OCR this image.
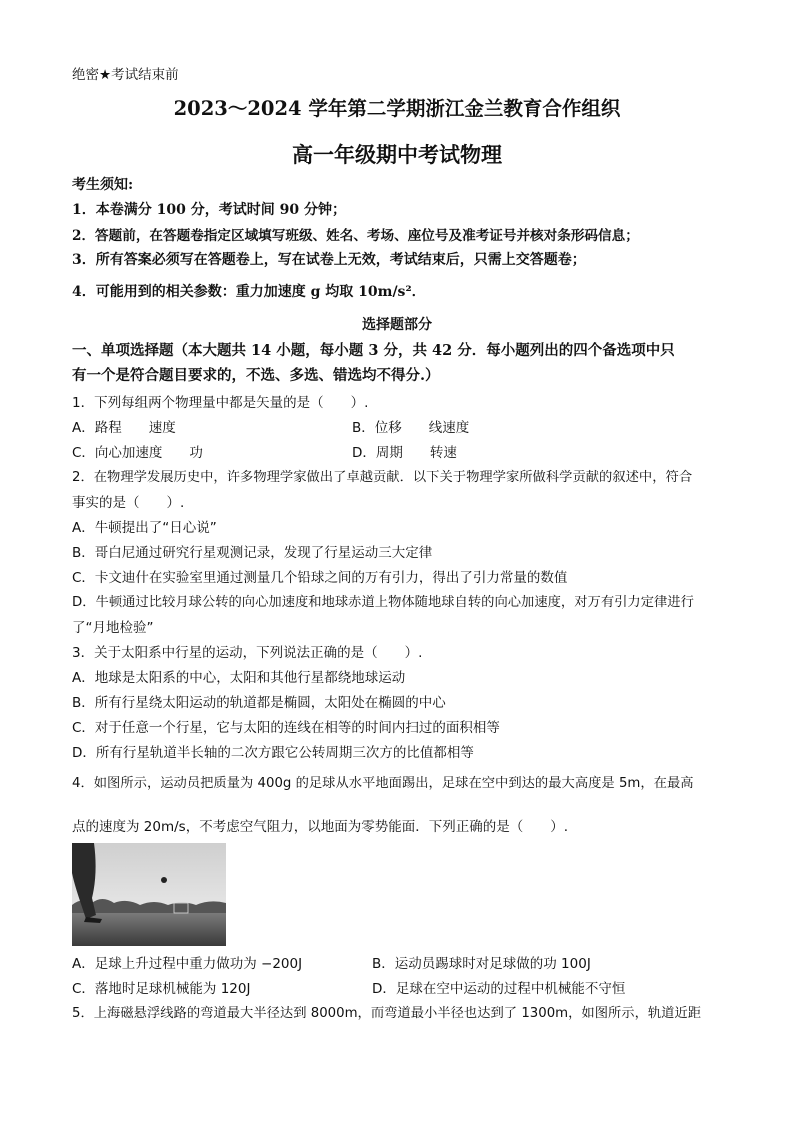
绝密★考试结束前
2023～2024 学年第二学期浙江金兰教育合作组织
高一年级期中考试物理
考生须知:
1．本卷满分 100 分，考试时间 90 分钟；
2．答题前，在答题卷指定区域填写班级、姓名、考场、座位号及准考证号并核对条形码信息；
3．所有答案必须写在答题卷上，写在试卷上无效，考试结束后，只需上交答题卷；
4．可能用到的相关参数：重力加速度 g 均取 10m/s²．
选择题部分
一、单项选择题（本大题共 14 小题，每小题 3 分，共 42 分．每小题列出的四个备选项中只
有一个是符合题目要求的，不选、多选、错选均不得分.）
1．下列每组两个物理量中都是矢量的是（　　）.
A．路程　　速度	B．位移　　线速度
C．向心加速度　　功	D．周期　　转速
2．在物理学发展历史中，许多物理学家做出了卓越贡献．以下关于物理学家所做科学贡献的叙述中，符合
事实的是（　　）.
A．牛顿提出了“日心说”
B．哥白尼通过研究行星观测记录，发现了行星运动三大定律
C．卡文迪什在实验室里通过测量几个铅球之间的万有引力，得出了引力常量的数值
D．牛顿通过比较月球公转的向心加速度和地球赤道上物体随地球自转的向心加速度，对万有引力定律进行
了“月地检验”
3．关于太阳系中行星的运动，下列说法正确的是（　　）.
A．地球是太阳系的中心，太阳和其他行星都绕地球运动
B．所有行星绕太阳运动的轨道都是椭圆，太阳处在椭圆的中心
C．对于任意一个行星，它与太阳的连线在相等的时间内扫过的面积相等
D．所有行星轨道半长轴的二次方跟它公转周期三次方的比值都相等
4．如图所示，运动员把质量为 400g 的足球从水平地面踢出，足球在空中到达的最大高度是 5m，在最高
点的速度为 20m/s，不考虑空气阻力，以地面为零势能面．下列正确的是（　　）.
A．足球上升过程中重力做功为 −200J	B．运动员踢球时对足球做的功 100J
C．落地时足球机械能为 120J	D．足球在空中运动的过程中机械能不守恒
5．上海磁悬浮线路的弯道最大半径达到 8000m，而弯道最小半径也达到了 1300m，如图所示，轨道近距
